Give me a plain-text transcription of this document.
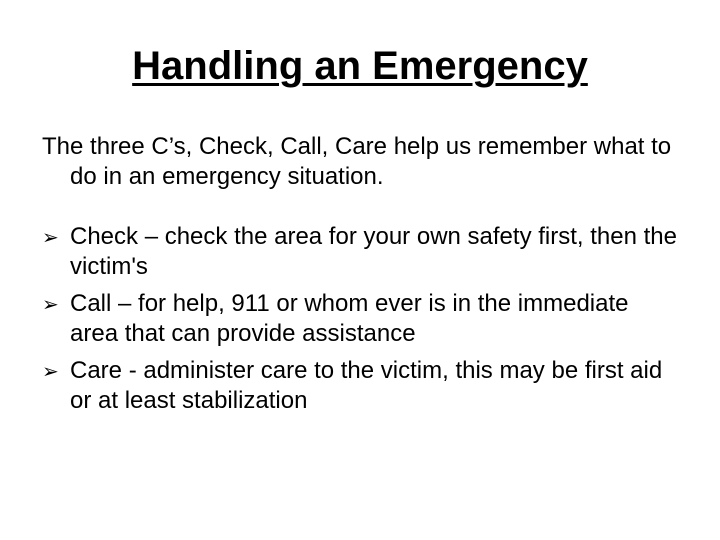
Handling an Emergency

The three C’s, Check, Call, Care help us remember what to do in an emergency situation.

➢ Check – check the area for your own safety first, then the victim's
➢ Call – for help, 911 or whom ever is in the immediate area that can provide assistance
➢ Care - administer care to the victim, this may be first aid or at least stabilization
